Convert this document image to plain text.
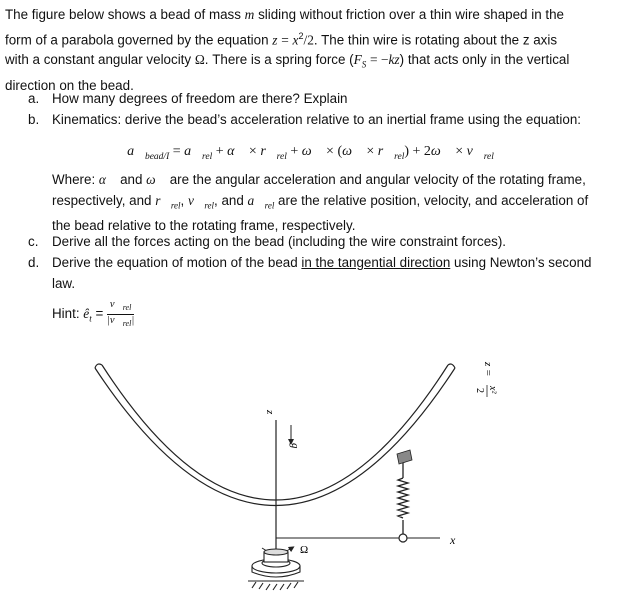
The figure below shows a bead of mass m sliding without friction over a thin wire shaped in the
form of a parabola governed by the equation $z = x^2/2$. The thin wire is rotating about the z axis
with a constant angular velocity Ω. There is a spring force $(F_S = -kz)$ that acts only in the vertical
direction on the bead.
a. How many degrees of freedom are there? Explain
b. Kinematics: derive the bead’s acceleration relative to an inertial frame using the equation:
$a⃗_{bead/I}$ = $a⃗_{rel}$ + α⃗ × $r⃗_{rel}$ + ω⃗ × (ω⃗ × $r⃗_{rel}$) + 2ω⃗ × $v⃗_{rel}$
Where: α⃗ and ω⃗ are the angular acceleration and angular velocity of the rotating frame,
respectively, and $r⃗_{rel}$, $v⃗_{rel}$, and $a⃗_{rel}$ are the relative position, velocity, and acceleration of
the bead relative to the rotating frame, respectively.
c. Derive all the forces acting on the bead (including the wire constraint forces).
d. Derive the equation of motion of the bead in the tangential direction using Newton’s second
law.
Hint: $ê_t = \frac{v⃗_{rel}}{|v⃗_{rel}|}$
z
g
x
z =
x²
2
Ω
